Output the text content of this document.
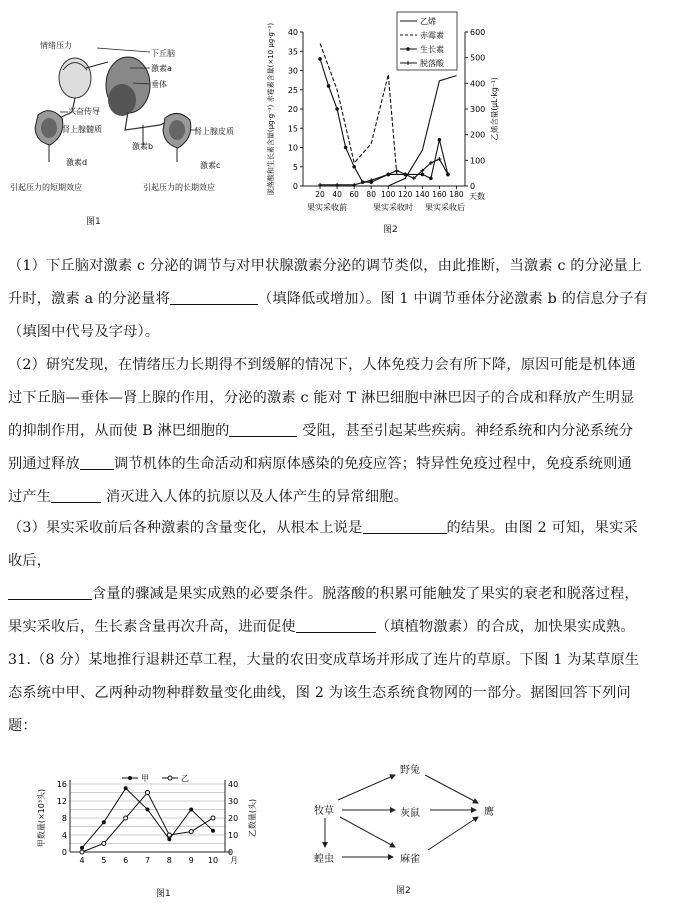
情绪压力
下丘脑
激素a
垂体
兴奋传导
肾上腺髓质
激素b
肾上腺皮质
激素d	激素c
引起压力的短期效应	引起压力的长期效应
图1
0
5
10
15
20
25
30
35
40
0
100
200
300
400
500
600
20 40 60 80 100 120 140 160 180 天数
果实采收前	果实采收时 果实采收后
脱落酸和生长素含量(μg·g⁻¹) 赤霉素含量(×10 μg·g⁻¹)	乙烯含量(μL·kg⁻¹)
乙烯
赤霉素
生长素
脱落酸
图2
（1）下丘脑对激素 c 分泌的调节与对甲状腺激素分泌的调节类似，由此推断，当激素 c 的分泌量上
升时，激素 a 的分泌量将	（填降低或增加）。图 1 中调节垂体分泌激素 b 的信息分子有
（填图中代号及字母）。
（2）研究发现，在情绪压力长期得不到缓解的情况下，人体免疫力会有所下降，原因可能是机体通
过下丘脑—垂体—肾上腺的作用，分泌的激素 c 能对 T 淋巴细胞中淋巴因子的合成和释放产生明显
的抑制作用，从而使 B 淋巴细胞的	受阻，甚至引起某些疾病。神经系统和内分泌系统分
别通过释放 调节机体的生命活动和病原体感染的免疫应答；特异性免疫过程中，免疫系统则通
过产生	消灭进入人体的抗原以及人体产生的异常细胞。
（3）果实采收前后各种激素的含量变化，从根本上说是	的结果。由图 2 可知，果实采
收后，
含量的骤减是果实成熟的必要条件。脱落酸的积累可能触发了果实的衰老和脱落过程，
果实采收后，生长素含量再次升高，进而促使	（填植物激素）的合成，加快果实成熟。
31.（8 分）某地推行退耕还草工程，大量的农田变成草场并形成了连片的草原。下图 1 为某草原生
态系统中甲、乙两种动物种群数量变化曲线，图 2 为该生态系统食物网的一部分。据图回答下列问
题：
0
4
8
12
16
0
10
20
30
40
4 5 6 7 8 9 10 月
甲数量(×10³头)	乙数量(头)
甲	乙
图1
牧草
野兔
灰鼠	鹰
蝗虫	麻雀
图2
